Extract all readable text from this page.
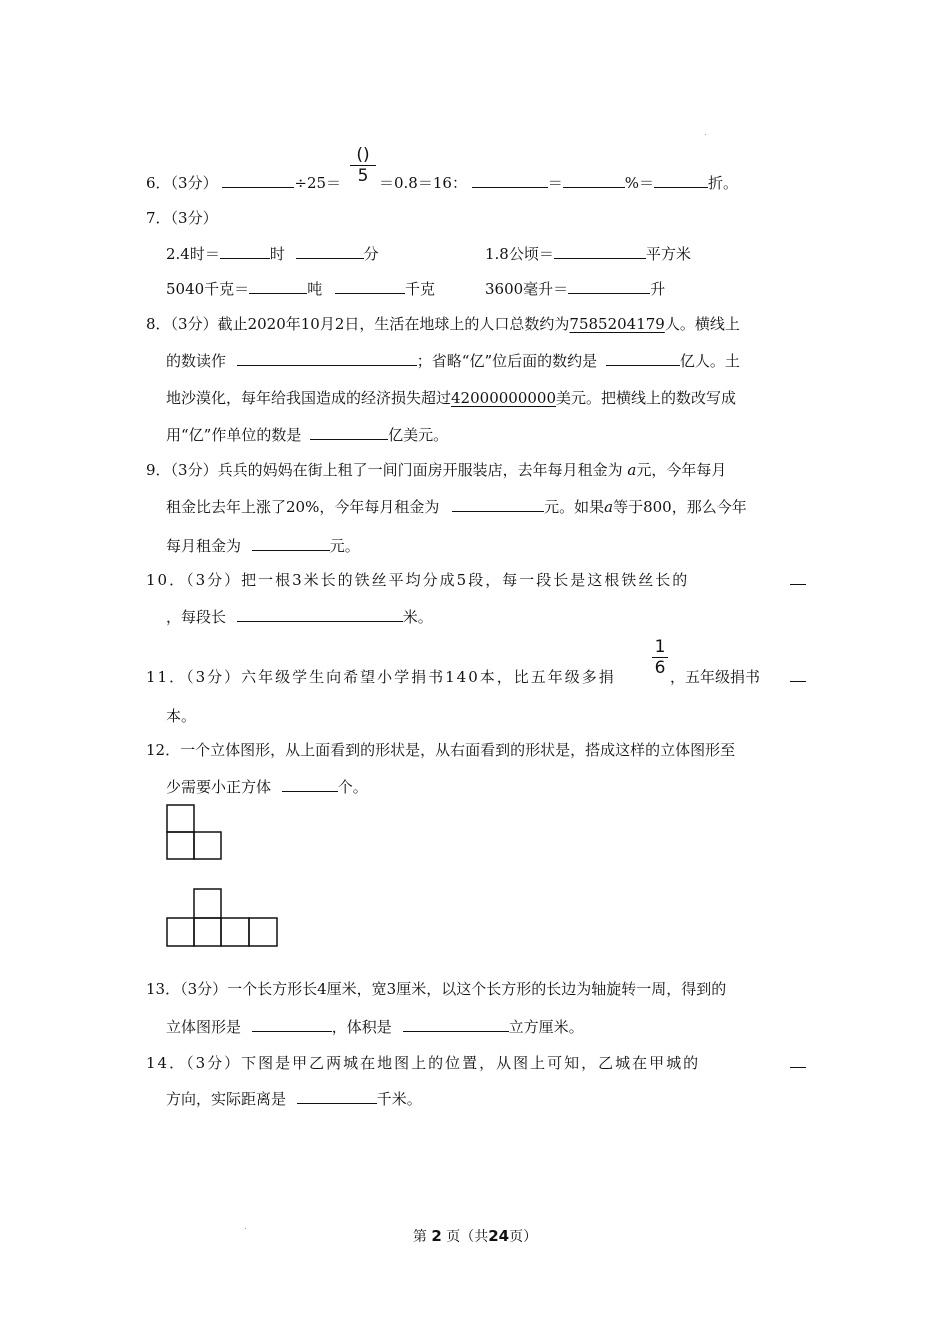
6．（3分）	÷25＝
()
5 ＝0.8＝16：	＝	%＝	折。
7．（3分）
2.4时＝	时	分	1.8公顷＝	平方米
5040千克＝	吨	千克	3600毫升＝	升
8．（3分）截止2020年10月2日，生活在地球上的人口总数约为7585204179人。横线上
的数读作	；省略“亿”位后面的数约是	亿人。土
地沙漠化，每年给我国造成的经济损失超过42000000000美元。把横线上的数改写成
用“亿”作单位的数是	亿美元。
9．（3分）兵兵的妈妈在街上租了一间门面房开服装店，去年每月租金为 a元，今年每月
租金比去年上涨了20%，今年每月租金为	元。如果a等于800，那么今年
每月租金为	元。
10．（3分）把一根3米长的铁丝平均分成5段，每一段长是这根铁丝长的
，每段长	米。
11．（3分）六年级学生向希望小学捐书140本，比五年级多捐
1
6 ，五年级捐书
本。
12．一个立体图形，从上面看到的形状是，从右面看到的形状是，搭成这样的立体图形至
少需要小正方体	个。
13．（3分）一个长方形长4厘米，宽3厘米，以这个长方形的长边为轴旋转一周，得到的
立体图形是	，体积是	立方厘米。
14．（3分）下图是甲乙两城在地图上的位置，从图上可知，乙城在甲城的
方向，实际距离是	千米。
第 2 页（共24页）
